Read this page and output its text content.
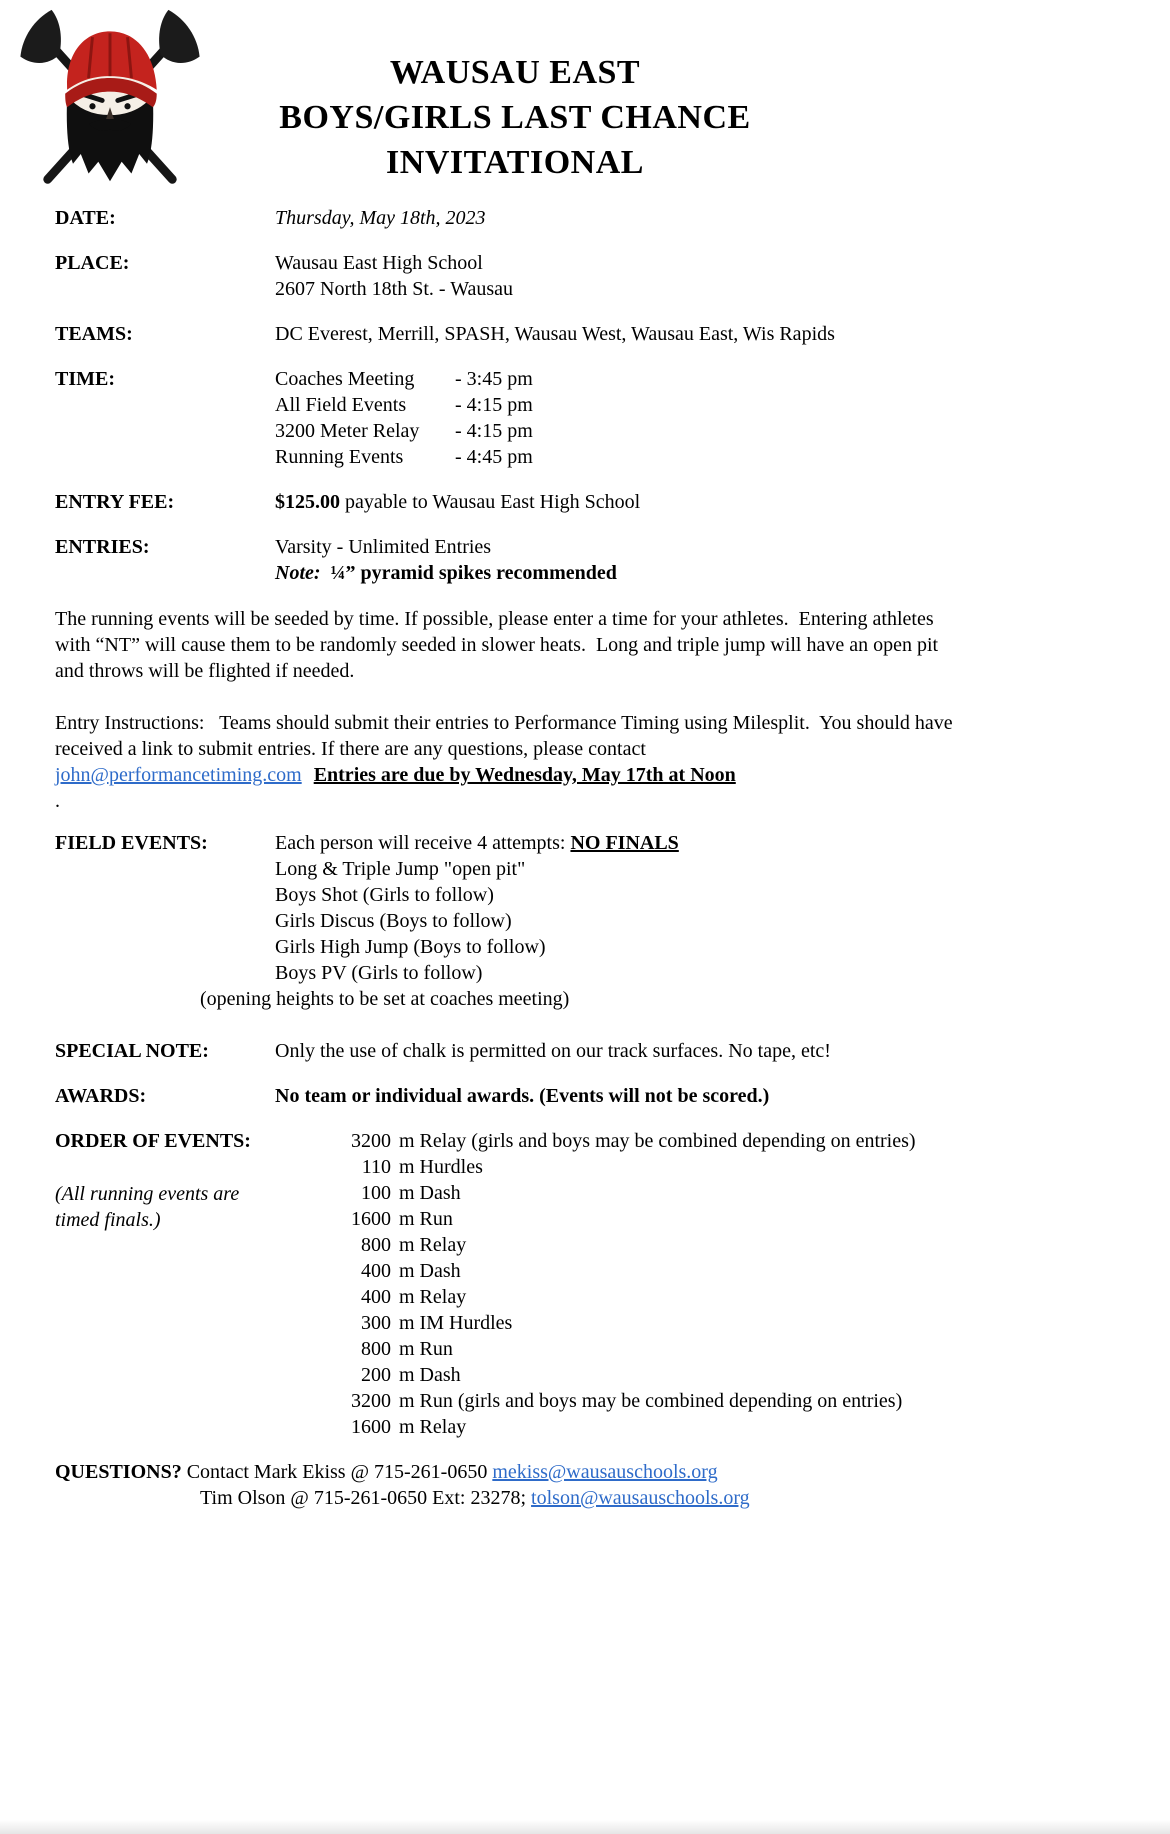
WAUSAU EAST
BOYS/GIRLS LAST CHANCE
INVITATIONAL
DATE:	Thursday, May 18th, 2023
PLACE:	Wausau East High School
2607 North 18th St. - Wausau
TEAMS:	DC Everest, Merrill, SPASH, Wausau West, Wausau East, Wis Rapids
TIME:	Coaches Meeting - 3:45 pm
All Field Events - 4:15 pm
3200 Meter Relay - 4:15 pm
Running Events	- 4:45 pm
ENTRY FEE:	$125.00 payable to Wausau East High School
ENTRIES:	Varsity - Unlimited Entries
Note: ¼” pyramid spikes recommended

The running events will be seeded by time. If possible, please enter a time for your athletes.  Entering athletes with “NT” will cause them to be randomly seeded in slower heats.  Long and triple jump will have an open pit and throws will be flighted if needed.

Entry Instructions:   Teams should submit their entries to Performance Timing using Milesplit.  You should have received a link to submit entries. If there are any questions, please contact john@performancetiming.com Entries are due by Wednesday, May 17th at Noon

.
FIELD EVENTS:	Each person will receive 4 attempts: NO FINALS
Long & Triple Jump "open pit"
Boys Shot (Girls to follow)
Girls Discus (Boys to follow)
Girls High Jump (Boys to follow)
Boys PV (Girls to follow)
(opening heights to be set at coaches meeting)
SPECIAL NOTE:	Only the use of chalk is permitted on our track surfaces. No tape, etc!
AWARDS:	No team or individual awards. (Events will not be scored.)
ORDER OF EVENTS:
(All running events are timed finals.)
3200 m Relay (girls and boys may be combined depending on entries)
110 m Hurdles
100 m Dash
1600 m Run
800 m Relay
400 m Dash
400 m Relay
300 m IM Hurdles
800 m Run
200 m Dash
3200 m Run (girls and boys may be combined depending on entries)
1600 m Relay
QUESTIONS? Contact Mark Ekiss @ 715-261-0650 mekiss@wausauschools.org
Tim Olson @ 715-261-0650 Ext: 23278; tolson@wausauschools.org
